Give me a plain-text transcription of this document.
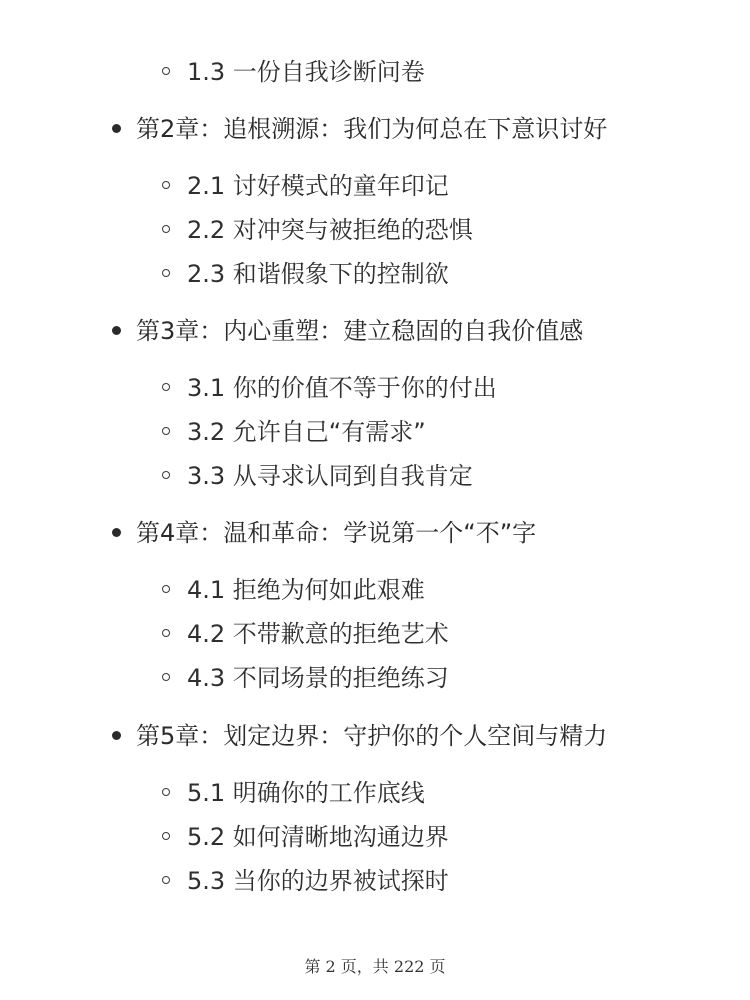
1.3 一份自我诊断问卷
第2章：追根溯源：我们为何总在下意识讨好
2.1 讨好模式的童年印记
2.2 对冲突与被拒绝的恐惧
2.3 和谐假象下的控制欲
第3章：内心重塑：建立稳固的自我价值感
3.1 你的价值不等于你的付出
3.2 允许自己“有需求”
3.3 从寻求认同到自我肯定
第4章：温和革命：学说第一个“不”字
4.1 拒绝为何如此艰难
4.2 不带歉意的拒绝艺术
4.3 不同场景的拒绝练习
第5章：划定边界：守护你的个人空间与精力
5.1 明确你的工作底线
5.2 如何清晰地沟通边界
5.3 当你的边界被试探时
第 2 页，共 222 页
